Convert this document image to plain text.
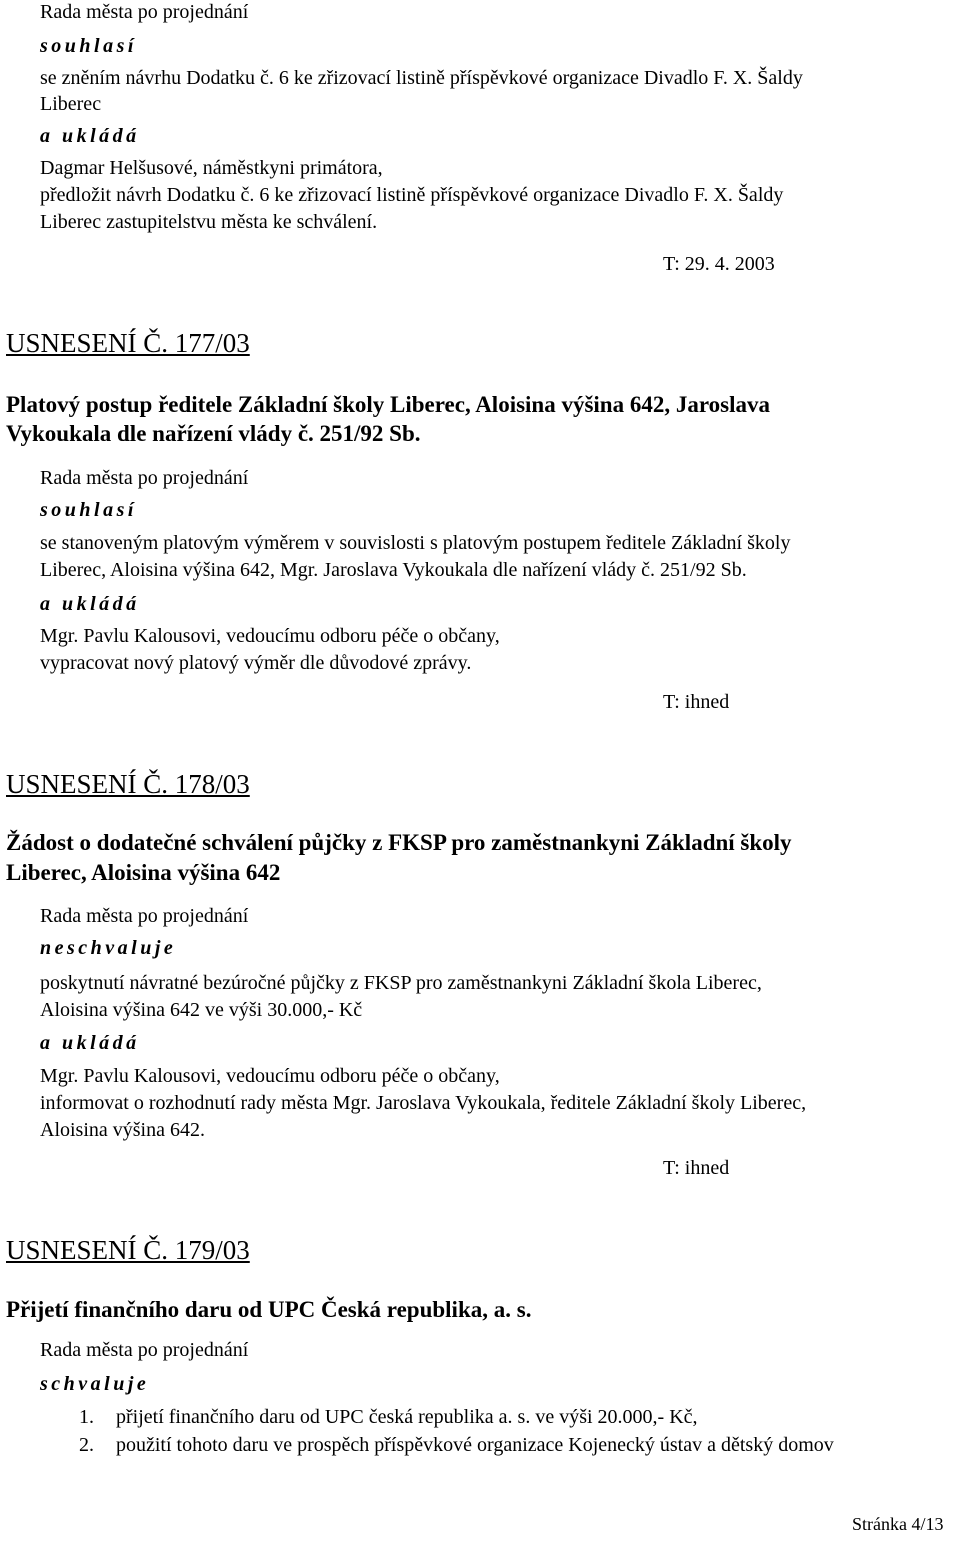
Rada města po projednání
souhlasí
se zněním návrhu Dodatku č. 6 ke zřizovací listině příspěvkové organizace Divadlo F. X. Šaldy
Liberec
a ukládá
Dagmar Helšusové, náměstkyni primátora,
předložit návrh Dodatku č. 6 ke zřizovací listině příspěvkové organizace Divadlo F. X. Šaldy
Liberec zastupitelstvu města ke schválení.
T: 29. 4. 2003
USNESENÍ Č. 177/03
Platový postup ředitele Základní školy Liberec, Aloisina výšina 642, Jaroslava
Vykoukala dle nařízení vlády č. 251/92 Sb.
Rada města po projednání
souhlasí
se stanoveným platovým výměrem v souvislosti s platovým postupem ředitele Základní školy
Liberec, Aloisina výšina 642, Mgr. Jaroslava Vykoukala dle nařízení vlády č. 251/92 Sb.
a ukládá
Mgr. Pavlu Kalousovi, vedoucímu odboru péče o občany,
vypracovat nový platový výměr dle důvodové zprávy.
T: ihned
USNESENÍ Č. 178/03
Žádost o dodatečné schválení půjčky z FKSP pro zaměstnankyni Základní školy
Liberec, Aloisina výšina 642
Rada města po projednání
neschvaluje
poskytnutí návratné bezúročné půjčky z FKSP pro zaměstnankyni Základní škola Liberec,
Aloisina výšina 642 ve výši 30.000,- Kč
a ukládá
Mgr. Pavlu Kalousovi, vedoucímu odboru péče o občany,
informovat o rozhodnutí rady města Mgr. Jaroslava Vykoukala, ředitele Základní školy Liberec,
Aloisina výšina 642.
T: ihned
USNESENÍ Č. 179/03
Přijetí finančního daru od UPC Česká republika, a. s.
Rada města po projednání
schvaluje
1. přijetí finančního daru od UPC česká republika a. s. ve výši 20.000,- Kč,
2. použití tohoto daru ve prospěch příspěvkové organizace Kojenecký ústav a dětský domov
Stránka 4/13
